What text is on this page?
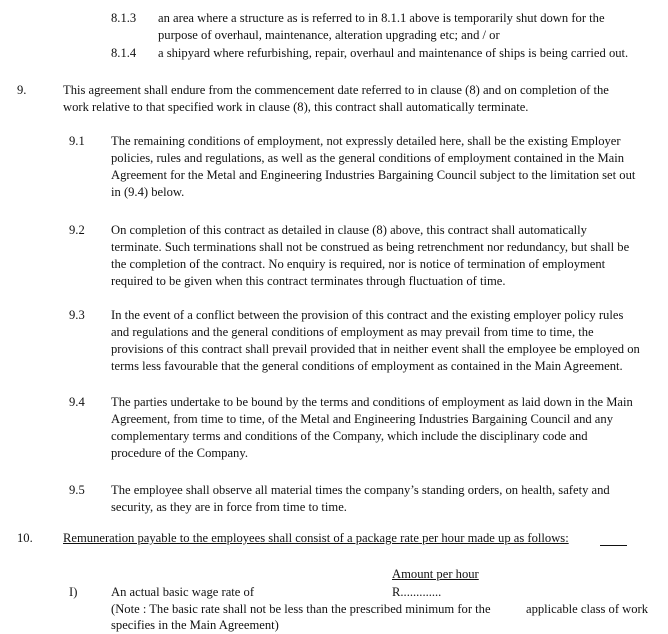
8.1.3 an area where a structure as is referred to in 8.1.1 above is temporarily shut down for the
purpose of overhaul, maintenance, alteration upgrading etc; and / or
8.1.4 a shipyard where refurbishing, repair, overhaul and maintenance of ships is being carried out.
9.	This agreement shall endure from the commencement date referred to in clause (8) and on completion of the
work relative to that specified work in clause (8), this contract shall automatically terminate.
9.1 The remaining conditions of employment, not expressly detailed here, shall be the existing Employer
policies, rules and regulations, as well as the general conditions of employment contained in the Main
Agreement for the Metal and Engineering Industries Bargaining Council subject to the limitation set out
in (9.4) below.
9.2 On completion of this contract as detailed in clause (8) above, this contract shall automatically
terminate. Such terminations shall not be construed as being retrenchment nor redundancy, but shall be
the completion of the contract. No enquiry is required, nor is notice of termination of employment
required to be given when this contract terminates through fluctuation of time.
9.3 In the event of a conflict between the provision of this contract and the existing employer policy rules
and regulations and the general conditions of employment as may prevail from time to time, the
provisions of this contract shall prevail provided that in neither event shall the employee be employed on
terms less favourable that the general conditions of employment as contained in the Main Agreement.
9.4 The parties undertake to be bound by the terms and conditions of employment as laid down in the Main
Agreement, from time to time, of the Metal and Engineering Industries Bargaining Council and any
complementary terms and conditions of the Company, which include the disciplinary code and
procedure of the Company.
9.5 The employee shall observe all material times the company’s standing orders, on health, safety and
security, as they are in force from time to time.
10. Remuneration payable to the employees shall consist of a package rate per hour made up as follows:
Amount per hour
I)	An actual basic wage rate of	R.............
(Note : The basic rate shall not be less than the prescribed minimum for the	applicable class of work
specifies in the Main Agreement)
